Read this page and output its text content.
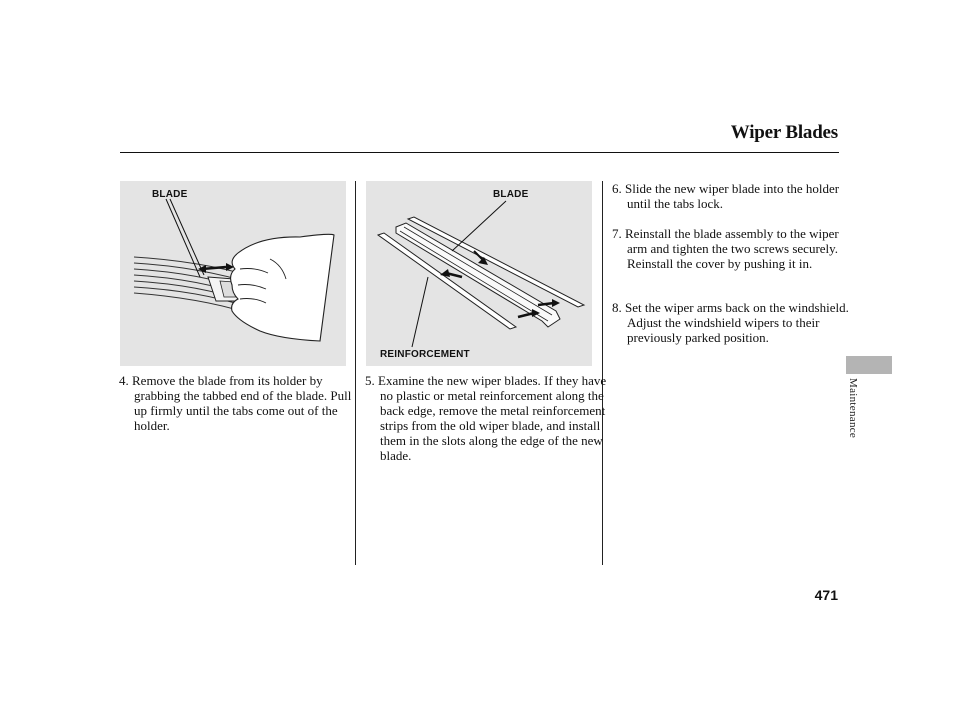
Wiper Blades
BLADE	BLADE
REINFORCEMENT
4. Remove the blade from its holder by grabbing the tabbed end of the blade. Pull up firmly until the tabs come out of the holder.
5. Examine the new wiper blades. If they have no plastic or metal reinforcement along the back edge, remove the metal reinforcement strips from the old wiper blade, and install them in the slots along the edge of the new blade.
6. Slide the new wiper blade into the holder until the tabs lock.
7. Reinstall the blade assembly to the wiper arm and tighten the two screws securely. Reinstall the cover by pushing it in.
8. Set the wiper arms back on the windshield. Adjust the windshield wipers to their previously parked position.
Maintenance
471
